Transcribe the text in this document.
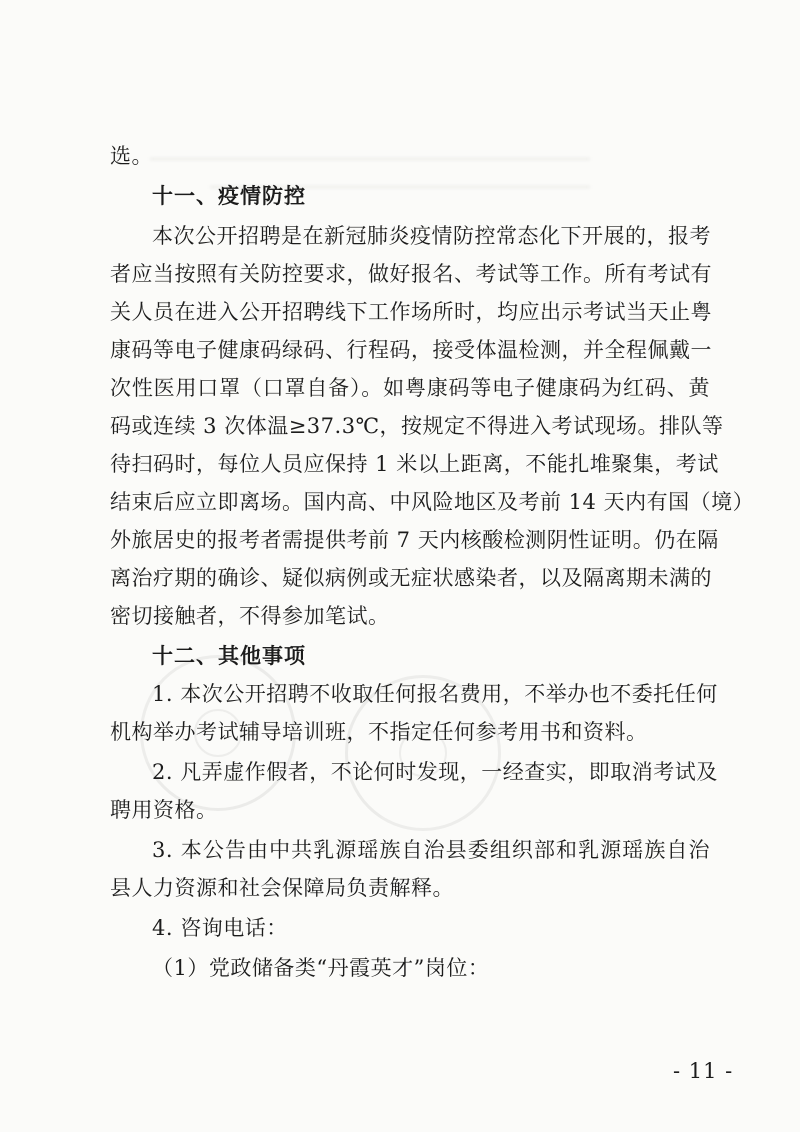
选。
十一、疫情防控
本次公开招聘是在新冠肺炎疫情防控常态化下开展的，报考
者应当按照有关防控要求，做好报名、考试等工作。所有考试有
关人员在进入公开招聘线下工作场所时，均应出示考试当天止粤
康码等电子健康码绿码、行程码，接受体温检测，并全程佩戴一
次性医用口罩（口罩自备）。如粤康码等电子健康码为红码、黄
码或连续 3 次体温≥37.3℃，按规定不得进入考试现场。排队等
待扫码时，每位人员应保持 1 米以上距离，不能扎堆聚集，考试
结束后应立即离场。国内高、中风险地区及考前 14 天内有国（境）
外旅居史的报考者需提供考前 7 天内核酸检测阴性证明。仍在隔
离治疗期的确诊、疑似病例或无症状感染者，以及隔离期未满的
密切接触者，不得参加笔试。
十二、其他事项
1. 本次公开招聘不收取任何报名费用，不举办也不委托任何
机构举办考试辅导培训班，不指定任何参考用书和资料。
2. 凡弄虚作假者，不论何时发现，一经查实，即取消考试及
聘用资格。
3. 本公告由中共乳源瑶族自治县委组织部和乳源瑶族自治
县人力资源和社会保障局负责解释。
4. 咨询电话：
（1）党政储备类“丹霞英才”岗位：
- 11 -
